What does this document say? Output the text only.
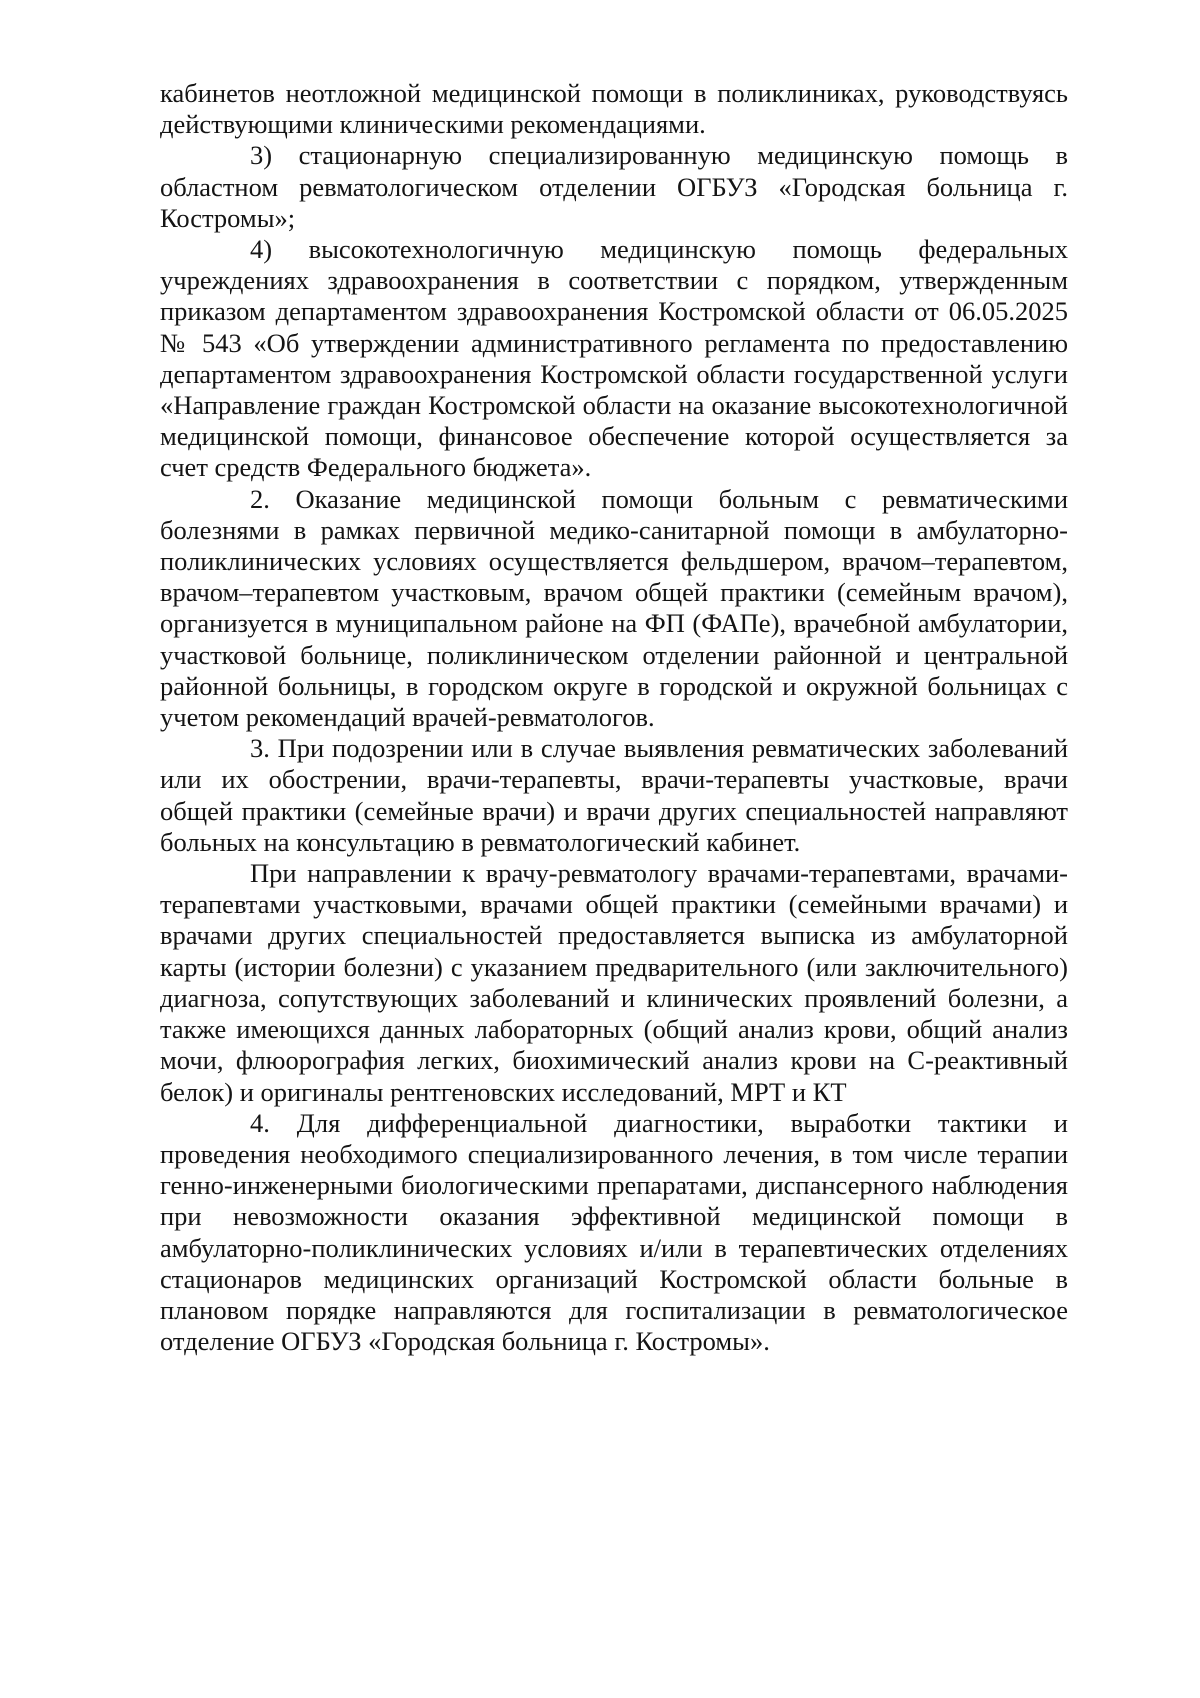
кабинетов неотложной медицинской помощи в поликлиниках, руководствуясь действующими клиническими рекомендациями.

3) стационарную специализированную медицинскую помощь в областном ревматологическом отделении ОГБУЗ «Городская больница г. Костромы»;

4) высокотехнологичную медицинскую помощь федеральных учреждениях здравоохранения в соответствии с порядком, утвержденным приказом департаментом здравоохранения Костромской области от 06.05.2025 № 543 «Об утверждении административного регламента по предоставлению департаментом здравоохранения Костромской области государственной услуги «Направление граждан Костромской области на оказание высокотехнологичной медицинской помощи, финансовое обеспечение которой осуществляется за счет средств Федерального бюджета».

2. Оказание медицинской помощи больным с ревматическими болезнями в рамках первичной медико-санитарной помощи в амбулаторно-поликлинических условиях осуществляется фельдшером, врачом–терапевтом, врачом–терапевтом участковым, врачом общей практики (семейным врачом), организуется в муниципальном районе на ФП (ФАПе), врачебной амбулатории, участковой больнице, поликлиническом отделении районной и центральной районной больницы, в городском округе в городской и окружной больницах с учетом рекомендаций врачей-ревматологов.

3. При подозрении или в случае выявления ревматических заболеваний или их обострении, врачи-терапевты, врачи-терапевты участковые, врачи общей практики (семейные врачи) и врачи других специальностей направляют больных на консультацию в ревматологический кабинет.

При направлении к врачу-ревматологу врачами-терапевтами, врачами-терапевтами участковыми, врачами общей практики (семейными врачами) и врачами других специальностей предоставляется выписка из амбулаторной карты (истории болезни) с указанием предварительного (или заключительного) диагноза, сопутствующих заболеваний и клинических проявлений болезни, а также имеющихся данных лабораторных (общий анализ крови, общий анализ мочи, флюорография легких, биохимический анализ крови на С-реактивный белок) и оригиналы рентгеновских исследований, МРТ и КТ

4. Для дифференциальной диагностики, выработки тактики и проведения необходимого специализированного лечения, в том числе терапии генно-инженерными биологическими препаратами, диспансерного наблюдения при невозможности оказания эффективной медицинской помощи в амбулаторно-поликлинических условиях и/или в терапевтических отделениях стационаров медицинских организаций Костромской области больные в плановом порядке направляются для госпитализации в ревматологическое отделение ОГБУЗ «Городская больница г. Костромы».
